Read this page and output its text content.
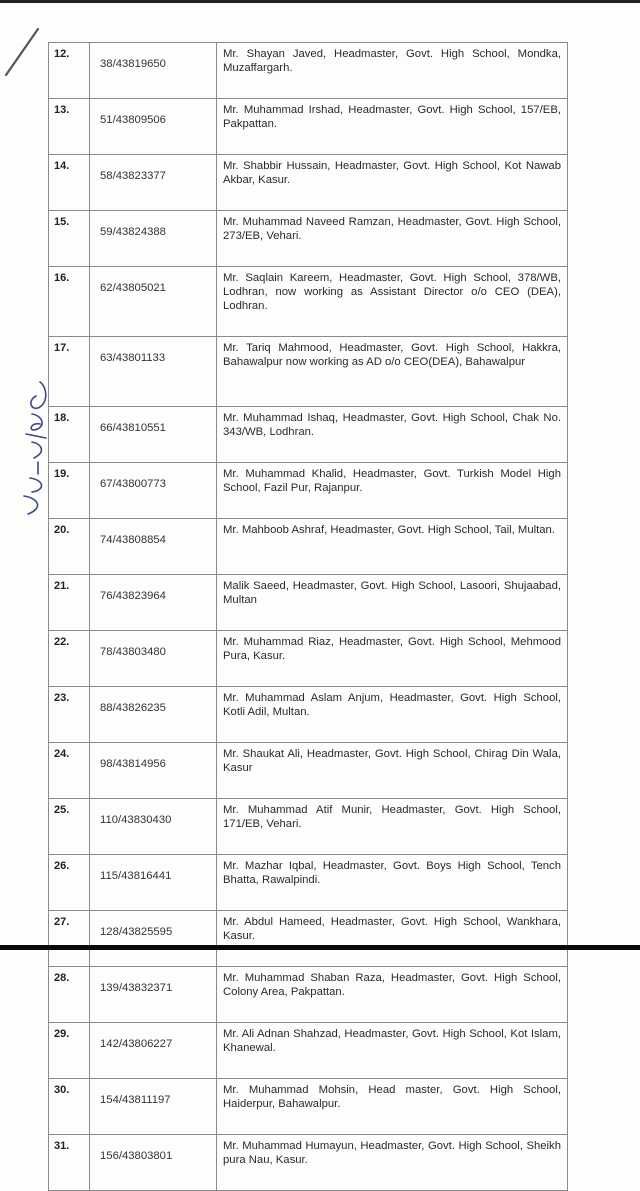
12.	38/43819650	Mr. Shayan Javed, Headmaster, Govt. High School, Mondka, Muzaffargarh.
13.	51/43809506	Mr. Muhammad Irshad, Headmaster, Govt. High School, 157/EB, Pakpattan.
14.	58/43823377	Mr. Shabbir Hussain, Headmaster, Govt. High School, Kot Nawab Akbar, Kasur.
15.	59/43824388	Mr. Muhammad Naveed Ramzan, Headmaster, Govt. High School, 273/EB, Vehari.
16.	62/43805021	Mr. Saqlain Kareem, Headmaster, Govt. High School, 378/WB, Lodhran, now working as Assistant Director o/o CEO (DEA), Lodhran.
17.	63/43801133	Mr. Tariq Mahmood, Headmaster, Govt. High School, Hakkra, Bahawalpur now working as AD o/o CEO(DEA), Bahawalpur
18.	66/43810551	Mr. Muhammad Ishaq, Headmaster, Govt. High School, Chak No. 343/WB, Lodhran.
19.	67/43800773	Mr. Muhammad Khalid, Headmaster, Govt. Turkish Model High School, Fazil Pur, Rajanpur.
20.	74/43808854	Mr. Mahboob Ashraf, Headmaster, Govt. High School, Tail, Multan.
21.	76/43823964	Malik Saeed, Headmaster, Govt. High School, Lasoori, Shujaabad, Multan
22.	78/43803480	Mr. Muhammad Riaz, Headmaster, Govt. High School, Mehmood Pura, Kasur.
23.	88/43826235	Mr. Muhammad Aslam Anjum, Headmaster, Govt. High School, Kotli Adil, Multan.
24.	98/43814956	Mr. Shaukat Ali, Headmaster, Govt. High School, Chirag Din Wala, Kasur
25.	110/43830430	Mr. Muhammad Atif Munir, Headmaster, Govt. High School, 171/EB, Vehari.
26.	115/43816441	Mr. Mazhar Iqbal, Headmaster, Govt. Boys High School, Tench Bhatta, Rawalpindi.
27.	128/43825595	Mr. Abdul Hameed, Headmaster, Govt. High School, Wankhara, Kasur.
28.	139/43832371	Mr. Muhammad Shaban Raza, Headmaster, Govt. High School, Colony Area, Pakpattan.
29.	142/43806227	Mr. Ali Adnan Shahzad, Headmaster, Govt. High School, Kot Islam, Khanewal.
30.	154/43811197	Mr. Muhammad Mohsin, Head master, Govt. High School, Haiderpur, Bahawalpur.
31.	156/43803801	Mr. Muhammad Humayun, Headmaster, Govt. High School, Sheikh pura Nau, Kasur.
